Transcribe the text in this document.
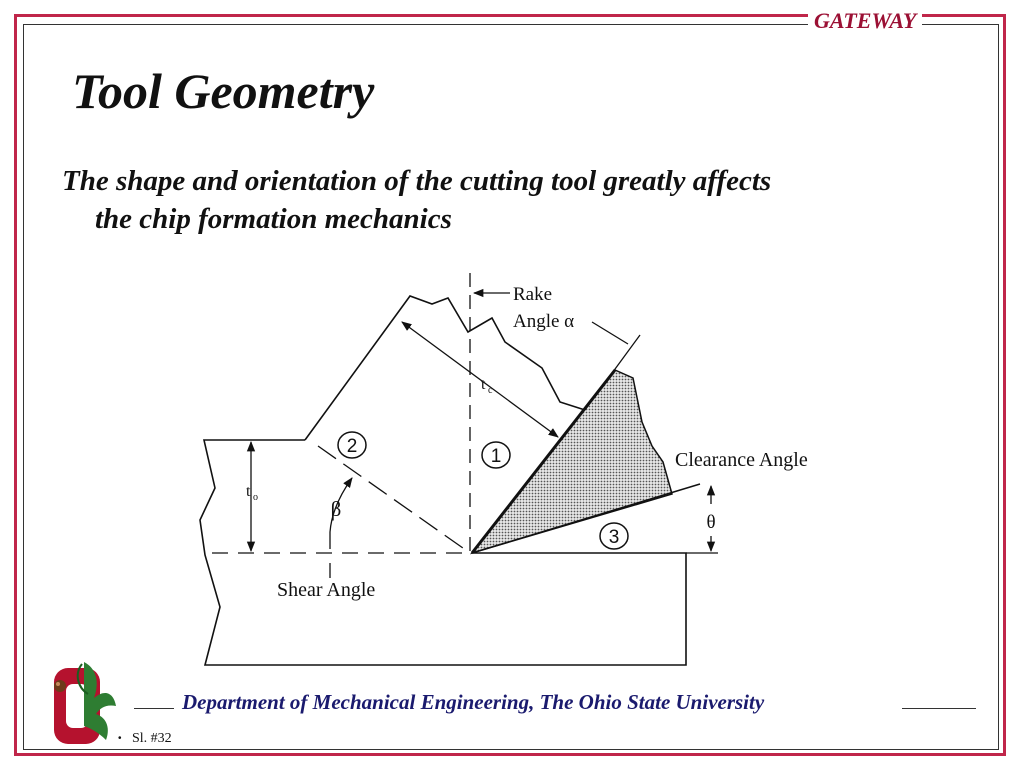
GATEWAY
Tool Geometry
The shape and orientation of the cutting tool greatly affects
the chip formation mechanics
2	1
3
Rake
Angle α
t c
t o	β
θ
Shear Angle
Clearance Angle
Department of Mechanical Engineering, The Ohio State University
• Sl. #32
